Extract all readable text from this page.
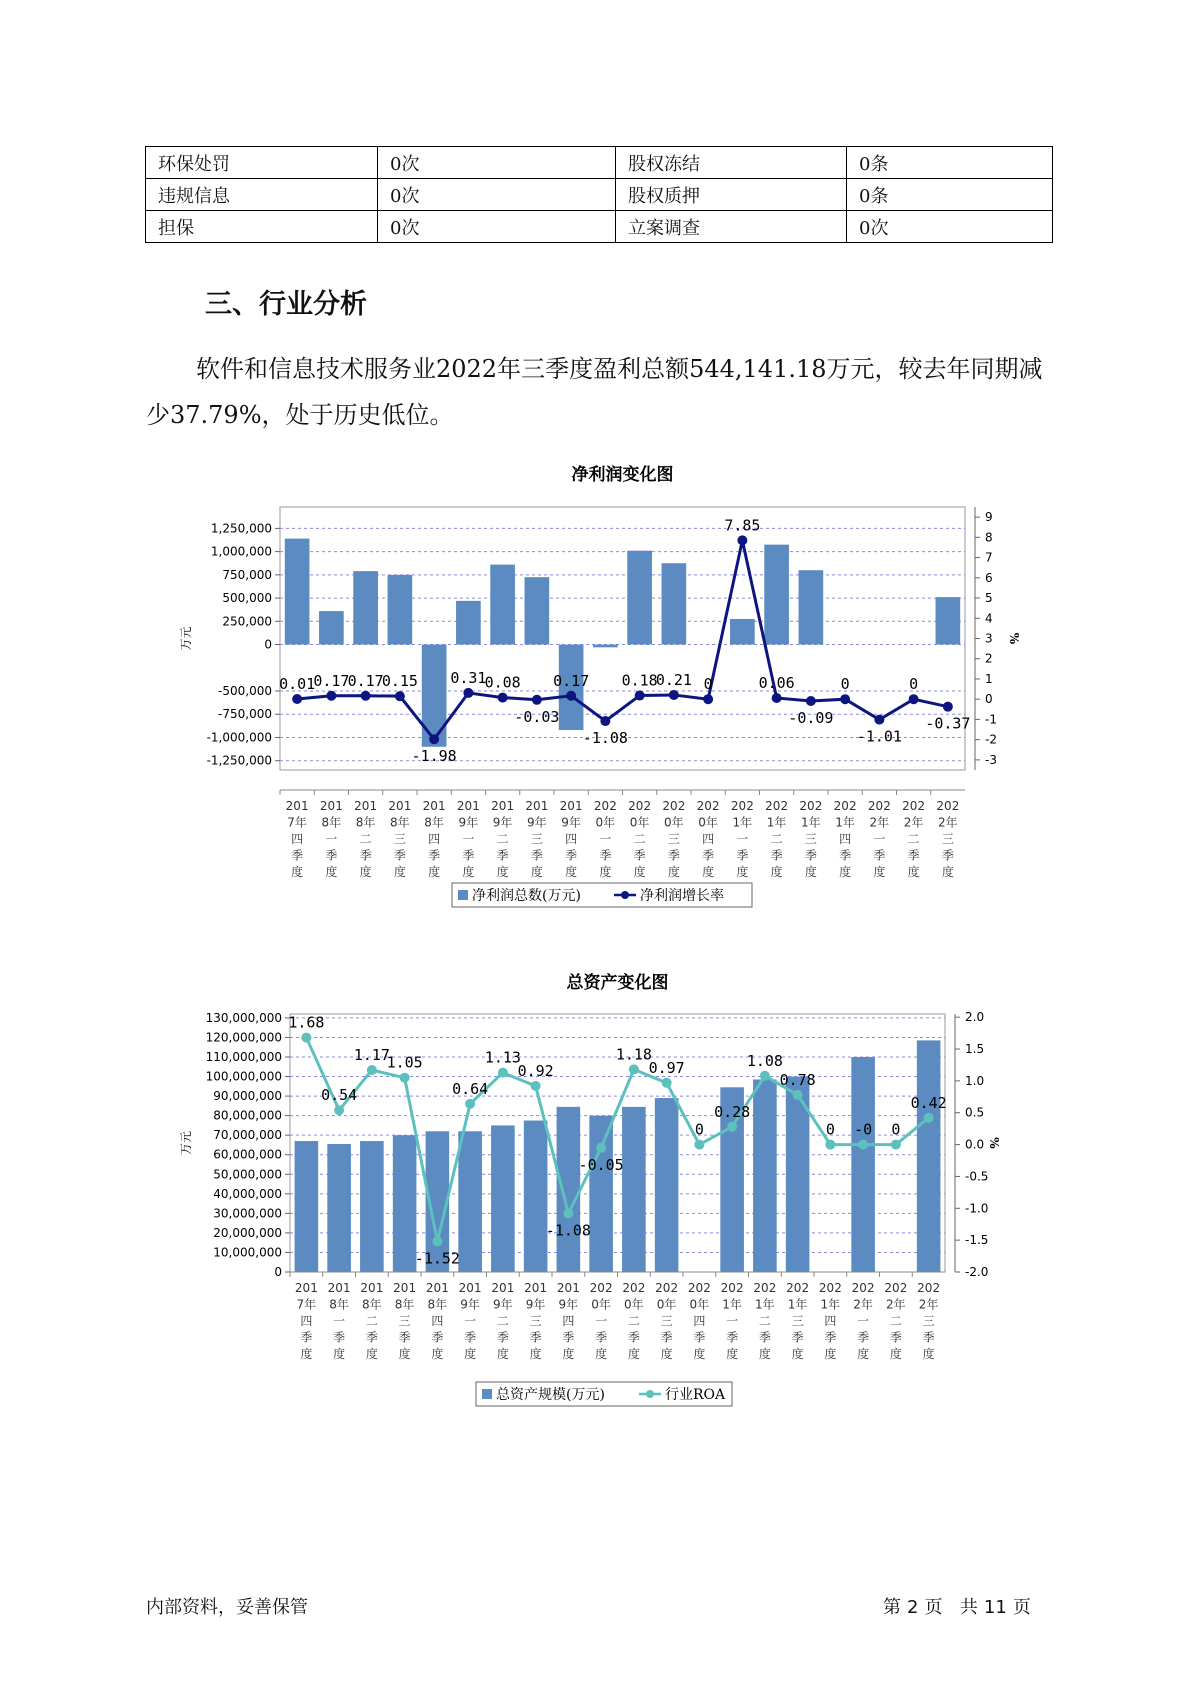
环保处罚	0次	股权冻结	0条
违规信息	0次	股权质押	0条
担保	0次	立案调查	0次
三、行业分析

软件和信息技术服务业2022年三季度盈利总额544,141.18万元，较去年同期减少37.79%，处于历史低位。

净利润变化图
1,250,000
1,000,000
750,000
500,000
250,000
0
-500,000
-750,000
-1,000,000
-1,250,000
9
8
7
6
5
4
3
2
1
0
-1
-2
-3
万元	%
0.01
0.17
0.17
0.15
-1.98
0.31
0.08
-0.03
0.17
-1.08
0.18
0.21 0
7.85
0.06
-0.09
0
-1.01
0
-0.37
201 7年四季度
201 8年一季度
201 8年二季度
201 8年三季度
201 8年四季度
201 9年一季度
201 9年二季度
201 9年三季度
201 9年四季度
202 0年一季度
202 0年二季度
202 0年三季度
202 0年四季度
202 1年一季度
202 1年二季度
202 1年三季度
202 1年四季度
202 2年一季度
202 2年二季度
202 2年三季度
净利润总数(万元)	净利润增长率
总资产变化图
130,000,000
120,000,000
110,000,000
100,000,000
90,000,000
80,000,000
70,000,000
60,000,000
50,000,000
40,000,000
30,000,000
20,000,000
10,000,000
0
2.0
1.5
1.0
0.5
0.0
-0.5
-1.0
-1.5
-2.0
万元	%
1.68
0.54
1.17
1.05
-1.52
0.64
1.13
0.92
-1.08
-0.05
1.18
0.97
0
0.28
1.08
0.78
0 -0 0
0.42
201 7年四季度
201 8年一季度
201 8年二季度
201 8年三季度
201 8年四季度
201 9年一季度
201 9年二季度
201 9年三季度
201 9年四季度
202 0年一季度
202 0年二季度
202 0年三季度
202 0年四季度
202 1年一季度
202 1年二季度
202 1年三季度
202 1年四季度
202 2年一季度
202 2年二季度
202 2年三季度
总资产规模(万元)	行业ROA
内部资料，妥善保管	第 2 页 共 11 页
